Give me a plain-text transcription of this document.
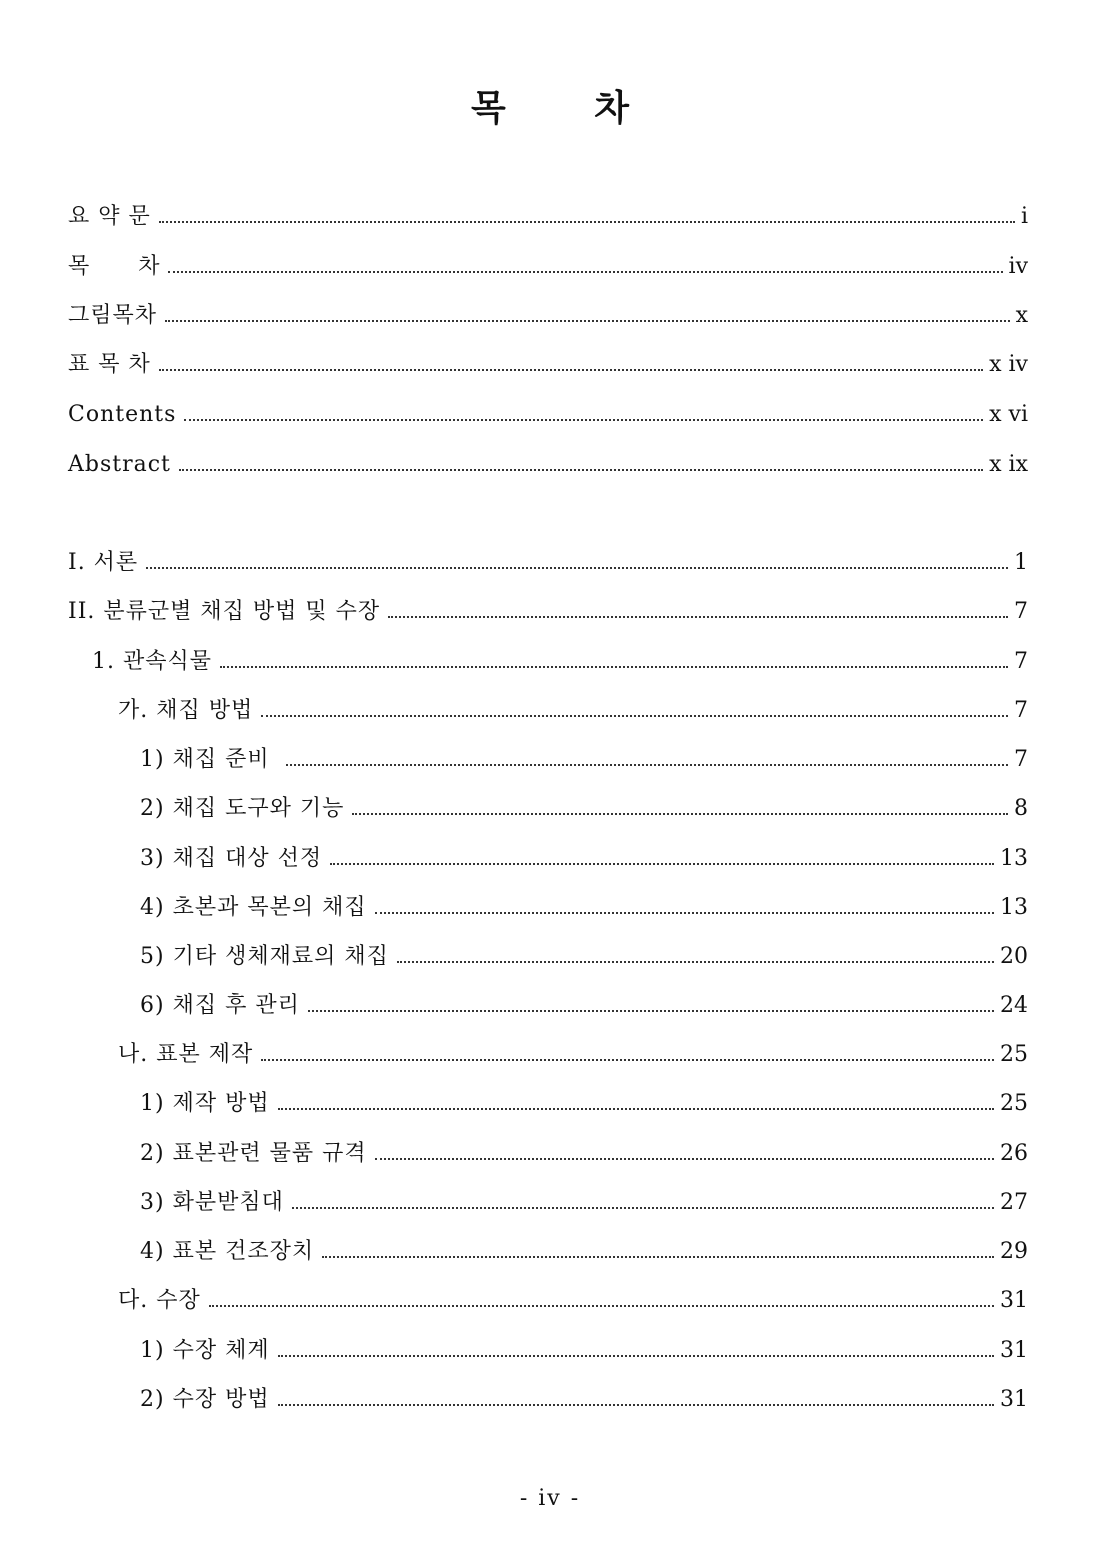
목 차
요 약 문	i
목      차	iv
그림목차	x
표 목 차	x iv
Contents	x vi
Abstract	x ix
I. 서론	1
II. 분류군별 채집 방법 및 수장	7
1. 관속식물	7
가. 채집 방법	7
1) 채집 준비	7
2) 채집 도구와 기능	8
3) 채집 대상 선정	13
4) 초본과 목본의 채집	13
5) 기타 생체재료의 채집	20
6) 채집 후 관리	24
나. 표본 제작	25
1) 제작 방법	25
2) 표본관련 물품 규격	26
3) 화분받침대	27
4) 표본 건조장치	29
다. 수장	31
1) 수장 체계	31
2) 수장 방법	31
- iv -
